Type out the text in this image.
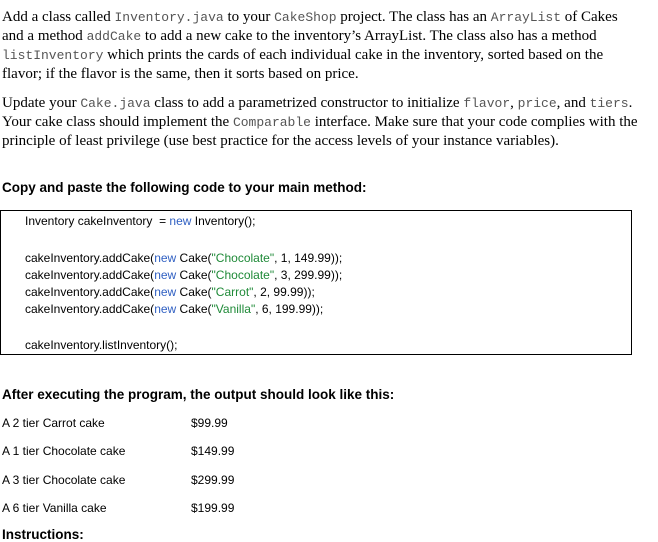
Add a class called Inventory.java to your CakeShop project. The class has an ArrayList of Cakes and a method addCake to add a new cake to the inventory’s ArrayList. The class also has a method listInventory which prints the cards of each individual cake in the inventory, sorted based on the flavor; if the flavor is the same, then it sorts based on price.
Update your Cake.java class to add a parametrized constructor to initialize flavor, price, and tiers. Your cake class should implement the Comparable interface. Make sure that your code complies with the principle of least privilege (use best practice for the access levels of your instance variables).
Copy and paste the following code to your main method:
Inventory cakeInventory  = new Inventory();
cakeInventory.addCake(new Cake("Chocolate", 1, 149.99));
cakeInventory.addCake(new Cake("Chocolate", 3, 299.99));
cakeInventory.addCake(new Cake("Carrot", 2, 99.99));
cakeInventory.addCake(new Cake("Vanilla", 6, 199.99));
cakeInventory.listInventory();
After executing the program, the output should look like this:
A 2 tier Carrot cake	$99.99
A 1 tier Chocolate cake	$149.99
A 3 tier Chocolate cake	$299.99
A 6 tier Vanilla cake	$199.99
Instructions:
